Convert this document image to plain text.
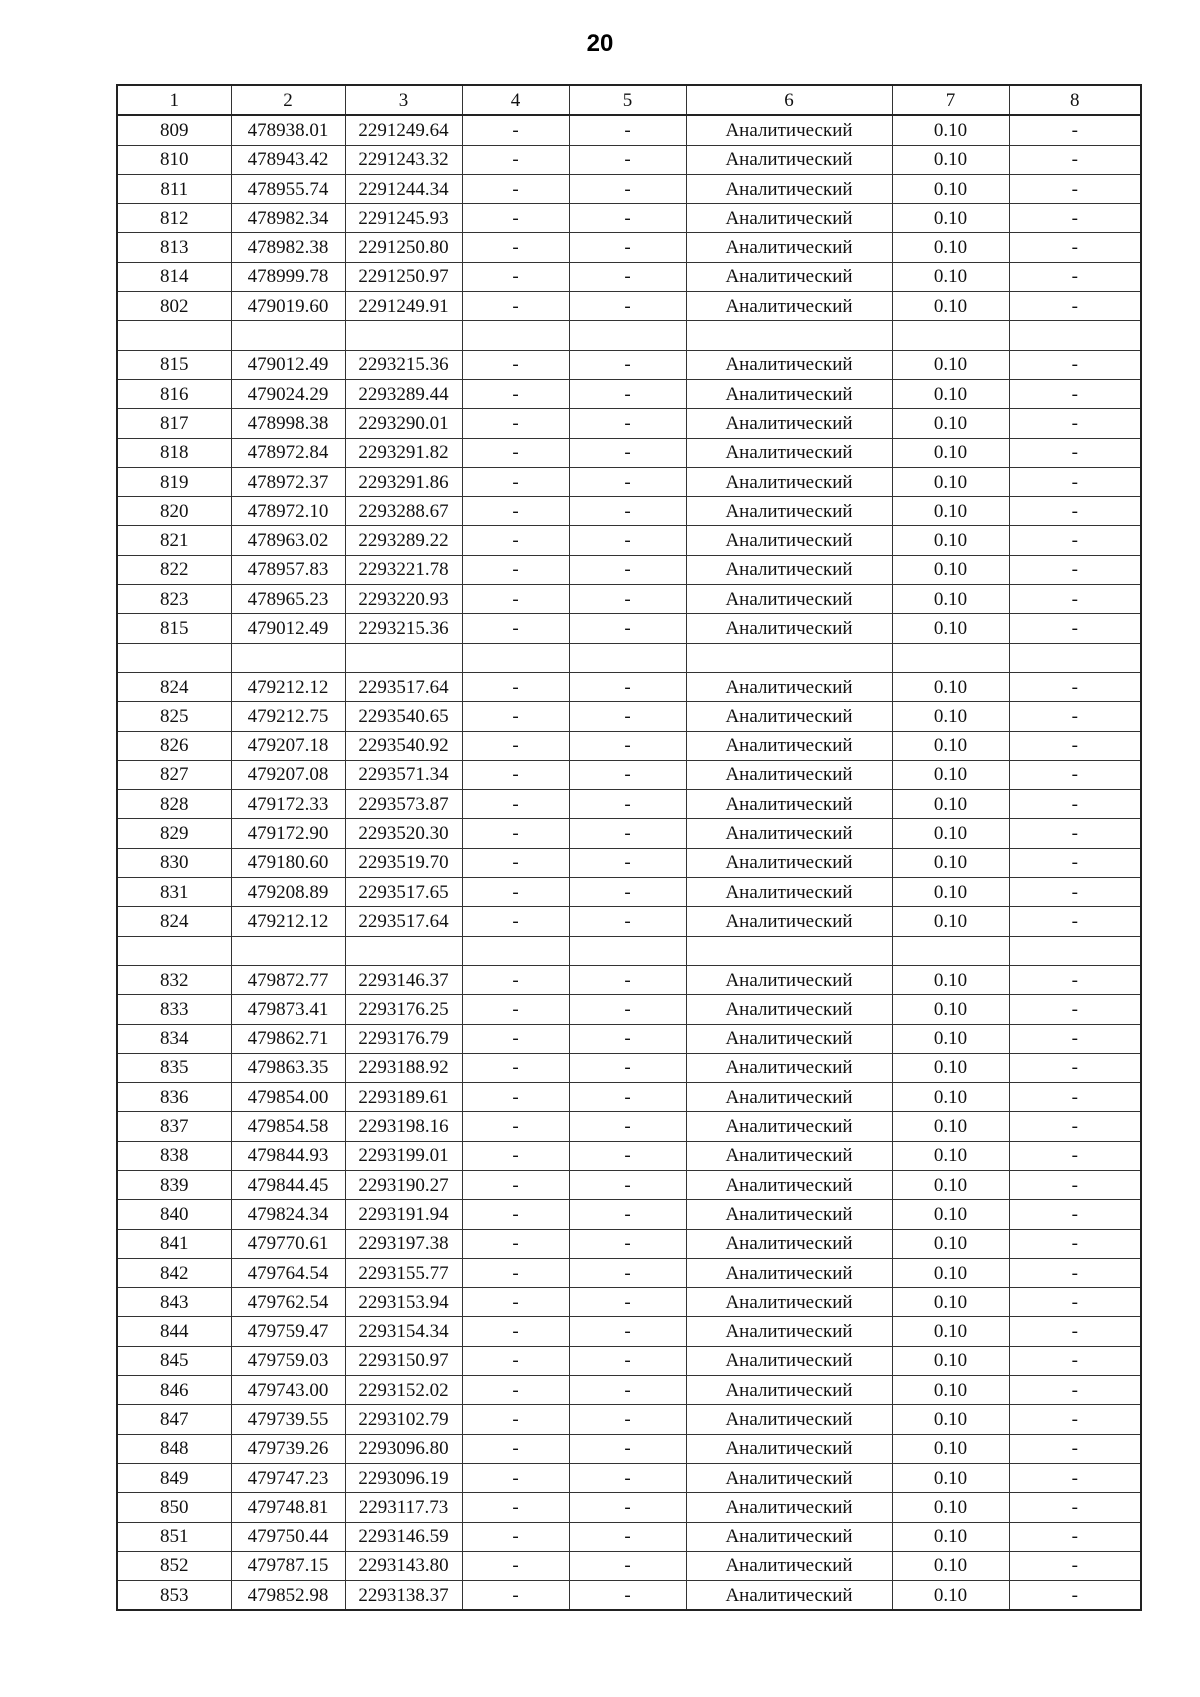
20
1	2	3	4	5	6	7	8
809	478938.01	2291249.64	-	-	Аналитический	0.10	-
810	478943.42	2291243.32	-	-	Аналитический	0.10	-
811	478955.74	2291244.34	-	-	Аналитический	0.10	-
812	478982.34	2291245.93	-	-	Аналитический	0.10	-
813	478982.38	2291250.80	-	-	Аналитический	0.10	-
814	478999.78	2291250.97	-	-	Аналитический	0.10	-
802	479019.60	2291249.91	-	-	Аналитический	0.10	-

815	479012.49	2293215.36	-	-	Аналитический	0.10	-
816	479024.29	2293289.44	-	-	Аналитический	0.10	-
817	478998.38	2293290.01	-	-	Аналитический	0.10	-
818	478972.84	2293291.82	-	-	Аналитический	0.10	-
819	478972.37	2293291.86	-	-	Аналитический	0.10	-
820	478972.10	2293288.67	-	-	Аналитический	0.10	-
821	478963.02	2293289.22	-	-	Аналитический	0.10	-
822	478957.83	2293221.78	-	-	Аналитический	0.10	-
823	478965.23	2293220.93	-	-	Аналитический	0.10	-
815	479012.49	2293215.36	-	-	Аналитический	0.10	-

824	479212.12	2293517.64	-	-	Аналитический	0.10	-
825	479212.75	2293540.65	-	-	Аналитический	0.10	-
826	479207.18	2293540.92	-	-	Аналитический	0.10	-
827	479207.08	2293571.34	-	-	Аналитический	0.10	-
828	479172.33	2293573.87	-	-	Аналитический	0.10	-
829	479172.90	2293520.30	-	-	Аналитический	0.10	-
830	479180.60	2293519.70	-	-	Аналитический	0.10	-
831	479208.89	2293517.65	-	-	Аналитический	0.10	-
824	479212.12	2293517.64	-	-	Аналитический	0.10	-

832	479872.77	2293146.37	-	-	Аналитический	0.10	-
833	479873.41	2293176.25	-	-	Аналитический	0.10	-
834	479862.71	2293176.79	-	-	Аналитический	0.10	-
835	479863.35	2293188.92	-	-	Аналитический	0.10	-
836	479854.00	2293189.61	-	-	Аналитический	0.10	-
837	479854.58	2293198.16	-	-	Аналитический	0.10	-
838	479844.93	2293199.01	-	-	Аналитический	0.10	-
839	479844.45	2293190.27	-	-	Аналитический	0.10	-
840	479824.34	2293191.94	-	-	Аналитический	0.10	-
841	479770.61	2293197.38	-	-	Аналитический	0.10	-
842	479764.54	2293155.77	-	-	Аналитический	0.10	-
843	479762.54	2293153.94	-	-	Аналитический	0.10	-
844	479759.47	2293154.34	-	-	Аналитический	0.10	-
845	479759.03	2293150.97	-	-	Аналитический	0.10	-
846	479743.00	2293152.02	-	-	Аналитический	0.10	-
847	479739.55	2293102.79	-	-	Аналитический	0.10	-
848	479739.26	2293096.80	-	-	Аналитический	0.10	-
849	479747.23	2293096.19	-	-	Аналитический	0.10	-
850	479748.81	2293117.73	-	-	Аналитический	0.10	-
851	479750.44	2293146.59	-	-	Аналитический	0.10	-
852	479787.15	2293143.80	-	-	Аналитический	0.10	-
853	479852.98	2293138.37	-	-	Аналитический	0.10	-
